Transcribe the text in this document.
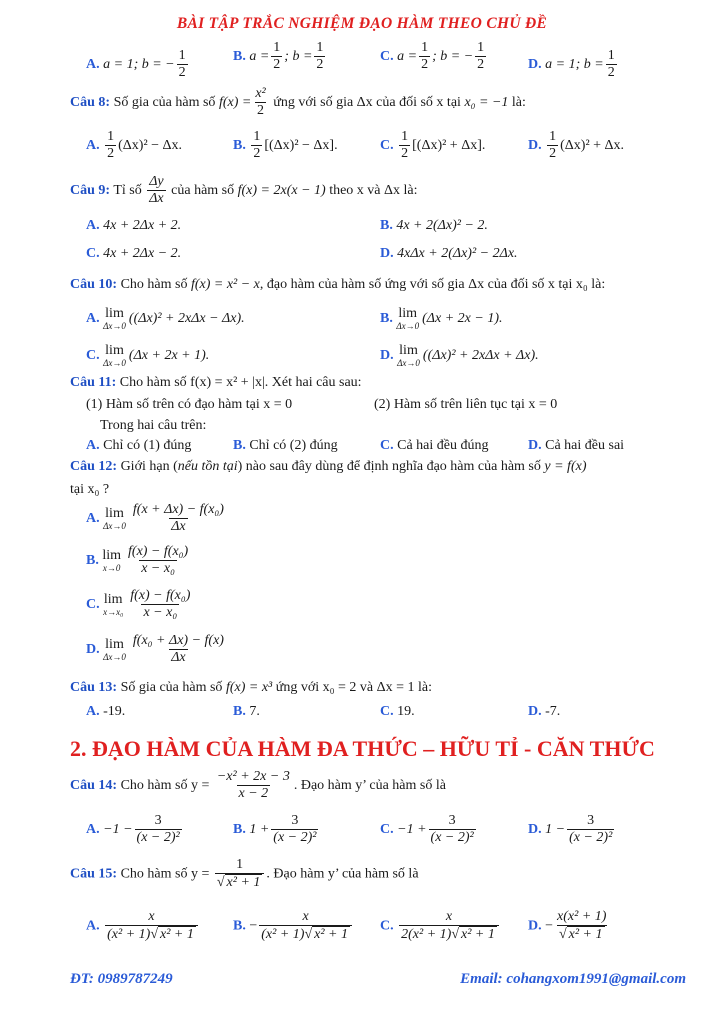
BÀI TẬP TRẮC NGHIỆM ĐẠO HÀM THEO CHỦ ĐỀ
A. a = 1; b = − $\frac{1}{2}$	B. $a = \frac{1}{2}$ ; $b = \frac{1}{2}$	C. $a = \frac{1}{2}$ ; b = − $\frac{1}{2}$	D. a = 1; $b = \frac{1}{2}$
Câu 8: Số gia của hàm số $f(x) = \frac{\text{x²}}{2}$ ứng với số gia Δx của đối số x tại x₀ = −1 là:
A. $\frac{1}{2} (\Delta x)^2 - \Delta x$.	B. $\frac{1}{2} [(\Delta x)^2 - \Delta x]$.	C. $\frac{1}{2} [(\Delta x)^2 + \Delta x]$.	D. $\frac{1}{2} (\Delta x)^2 + \Delta x$.
Câu 9: Tỉ số $\frac{\Delta y}{\Delta x}$ của hàm số f(x) = 2x(x − 1) theo x và Δx là:
A. 4x + 2Δx + 2.	B. 4x + 2(Δx)² − 2.
C. 4x + 2Δx − 2.	D. 4xΔx + 2(Δx)² − 2Δx.
Câu 10: Cho hàm số f(x) = x² − x, đạo hàm của hàm số ứng với số gia Δx của đối số x tại x₀ là:
A. lim
Δx→0 ((Δx)² + 2xΔx − Δx).	B. lim
Δx→0 (Δx + 2x − 1).
C. lim
Δx→0 (Δx + 2x + 1).	D. lim
Δx→0 ((Δx)² + 2xΔx + Δx).
Câu 11: Cho hàm số f(x) = x² + |x|. Xét hai câu sau:
(1) Hàm số trên có đạo hàm tại x = 0	(2) Hàm số trên liên tục tại x = 0
Trong hai câu trên:
A. Chỉ có (1) đúng	B. Chỉ có (2) đúng	C. Cả hai đều đúng	D. Cả hai đều sai
Câu 12: Giới hạn (nếu tồn tại) nào sau đây dùng để định nghĩa đạo hàm của hàm số y = f(x)
tại x₀ ?
A. lim
$\Delta x\to 0 \frac{\text{f(x + Δx) − f(x₀)}}{\Delta x}$
B. lim
$x\to 0 \frac{\text{f(x) − f(x₀)}}{\text{x − x₀}}$
C. lim
$x\to x_0 \frac{\text{f(x) − f(x₀)}}{\text{x − x₀}}$
D. lim
$\Delta x\to 0 \frac{\text{f(x₀ + Δx) − f(x)}}{\Delta x}$
Câu 13: Số gia của hàm số f(x) = x³ ứng với x₀ = 2 và Δx = 1 là:
A. -19.	B. 7.	C. 19.	D. -7.
2. ĐẠO HÀM CỦA HÀM ĐA THỨC – HỮU TỈ - CĂN THỨC
Câu 14: Cho hàm số $y = \frac{\text{−x² + 2x − 3}}{x - 2}$ . Đạo hàm y’ của hàm số là
A. $-1 - \frac{3}{\text{(x − 2)²}}$	B. $1 + \frac{3}{\text{(x − 2)²}}$	C. $-1 + \frac{3}{\text{(x − 2)²}}$	D. $1 - \frac{3}{\text{(x − 2)²}}$
Câu 15: Cho hàm số $y = \frac{1}{\text{√ x² + 1}}$ . Đạo hàm y’ của hàm số là
A. $\frac{x}{\text{(x² + 1)√ x² + 1}}$	B. − $\frac{x}{\text{(x² + 1)√ x² + 1}} C$. $\frac{x}{\text{2(x² + 1)√ x² + 1}} D$. − $\frac{\text{x(x² + 1)}}{\text{√ x² + 1}}$
ĐT: 0989787249	Email: cohangxom1991@gmail.com
